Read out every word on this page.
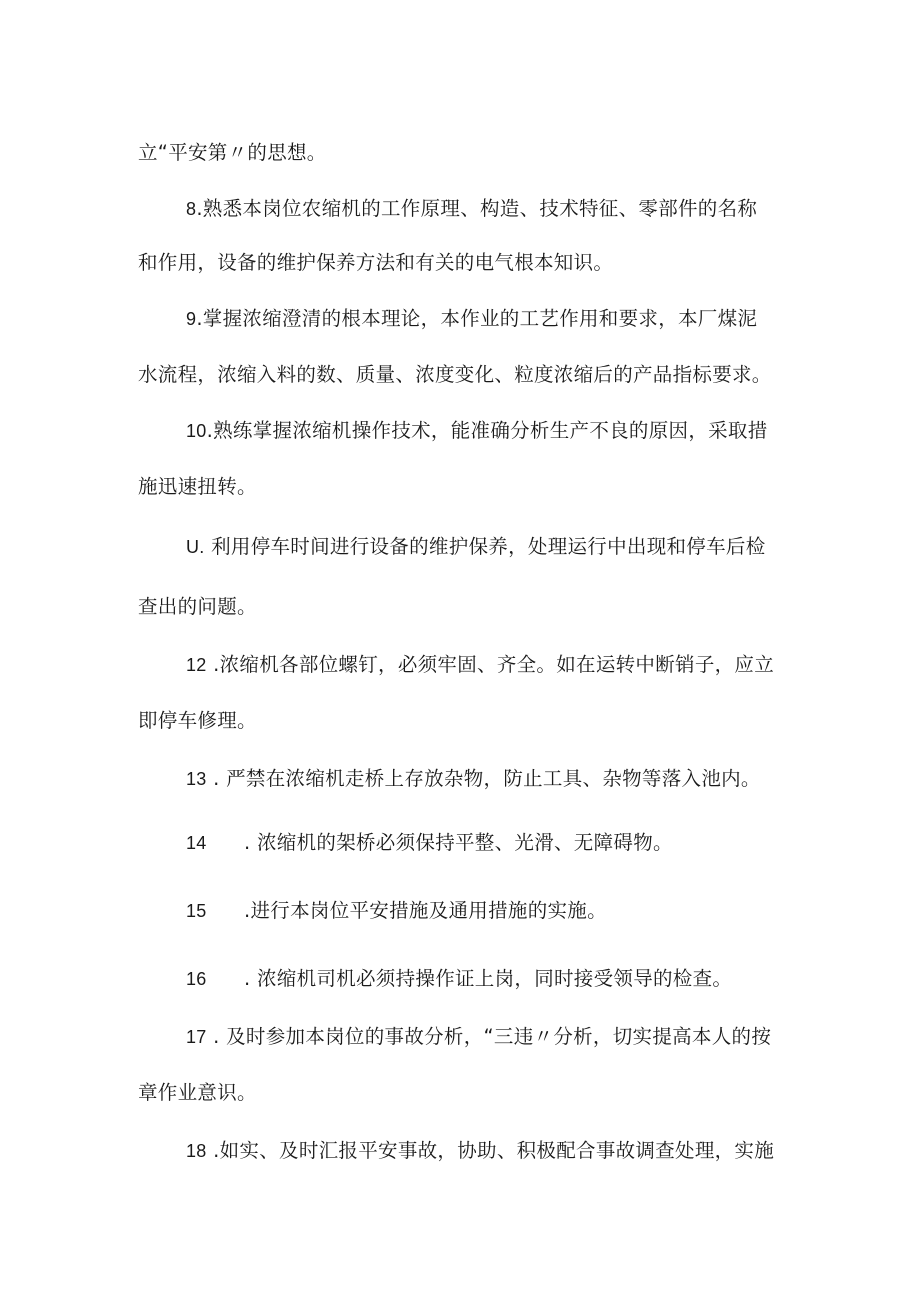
立“平安第〃的思想。
8.熟悉本岗位农缩机的工作原理、构造、技术特征、零部件的名称
和作用，设备的维护保养方法和有关的电气根本知识。
9.掌握浓缩澄清的根本理论，本作业的工艺作用和要求，本厂煤泥
水流程，浓缩入料的数、质量、浓度变化、粒度浓缩后的产品指标要求。
10.熟练掌握浓缩机操作技术，能准确分析生产不良的原因，采取措
施迅速扭转。
U. 利用停车时间进行设备的维护保养，处理运行中出现和停车后检
查出的问题。
12 .浓缩机各部位螺钉，必须牢固、齐全。如在运转中断销子，应立
即停车修理。
13 . 严禁在浓缩机走桥上存放杂物，防止工具、杂物等落入池内。
14 . 浓缩机的架桥必须保持平整、光滑、无障碍物。
15 .进行本岗位平安措施及通用措施的实施。
16 . 浓缩机司机必须持操作证上岗，同时接受领导的检查。
17 . 及时参加本岗位的事故分析，“三违〃分析，切实提高本人的按
章作业意识。
18 .如实、及时汇报平安事故，协助、积极配合事故调查处理，实施
